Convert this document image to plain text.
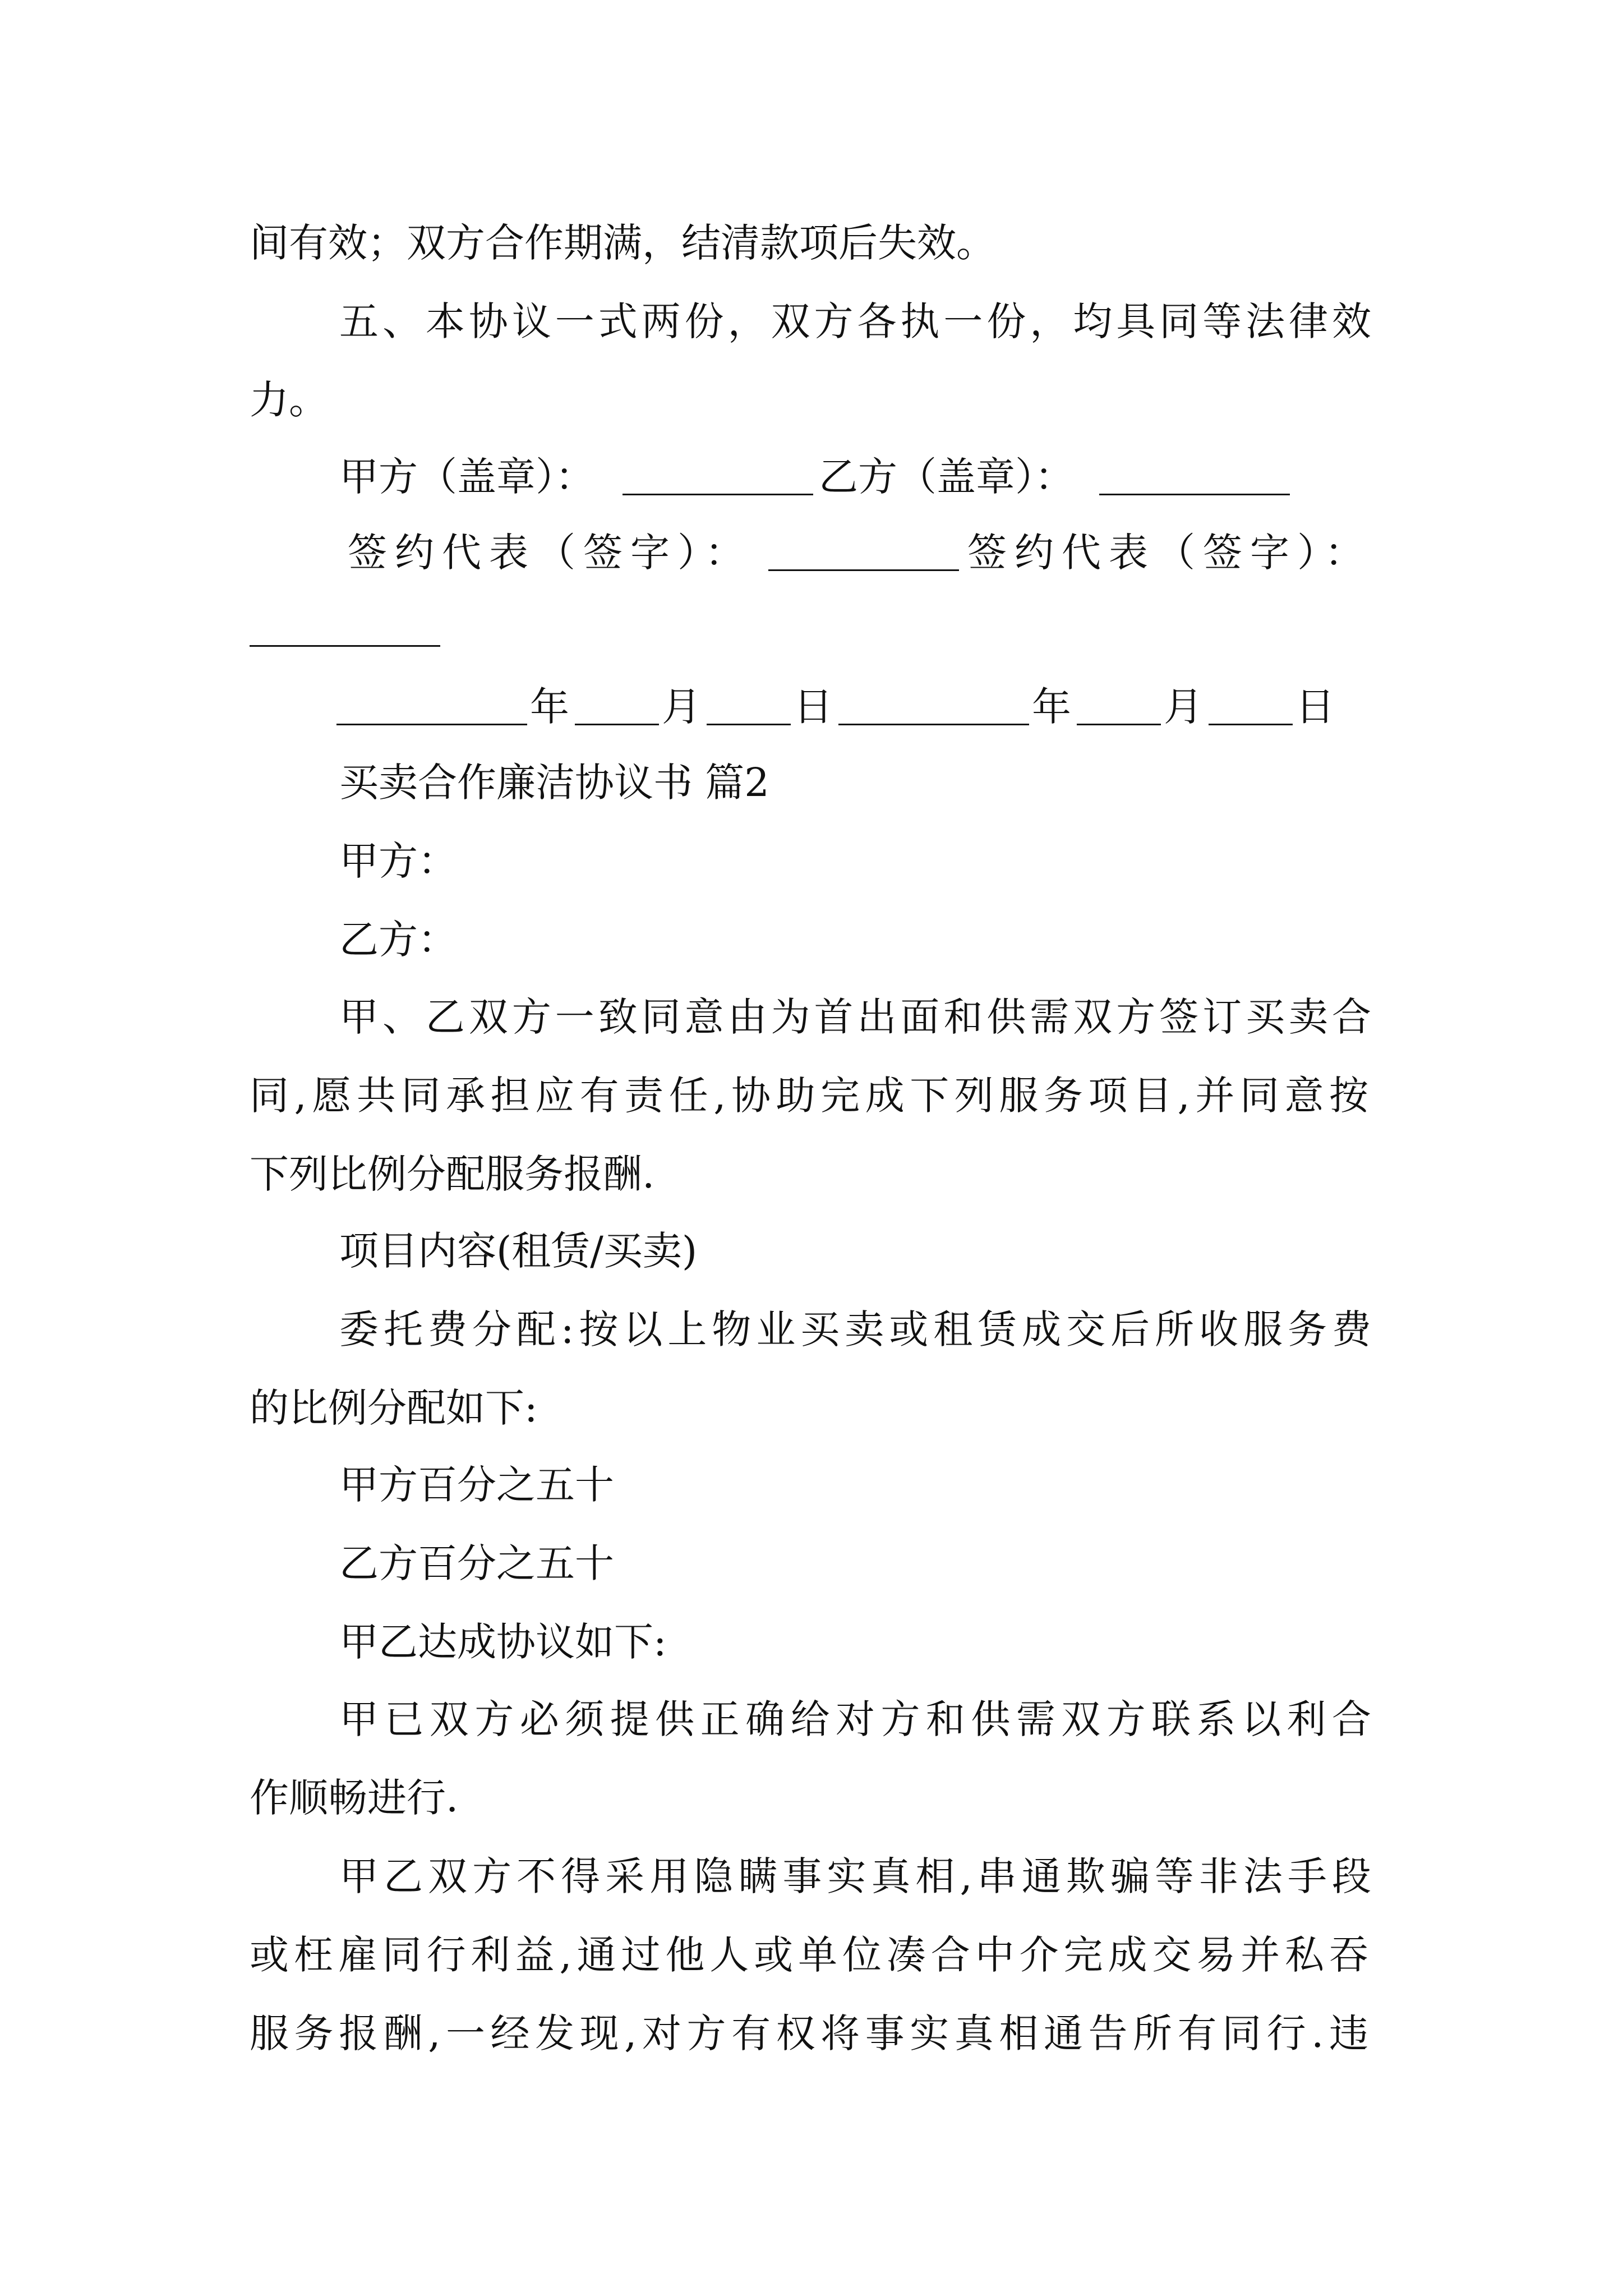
间有效；双方合作期满，结清款项后失效。
五、本协议一式两份，双方各执一份，均具同等法律效
力。
甲方（盖章）：	乙方（盖章）：
签约代表（签字）：	签约代表（签字）：
年 月 日	年 月 日
买卖合作廉洁协议书 篇2
甲方：
乙方：
甲、乙双方一致同意由为首出面和供需双方签订买卖合
同,愿共同承担应有责任,协助完成下列服务项目,并同意按
下列比例分配服务报酬.
项目内容(租赁/买卖)
委托费分配:按以上物业买卖或租赁成交后所收服务费
的比例分配如下:
甲方百分之五十
乙方百分之五十
甲乙达成协议如下:
甲已双方必须提供正确给对方和供需双方联系以利合
作顺畅进行.
甲乙双方不得采用隐瞒事实真相,串通欺骗等非法手段
或枉雇同行利益,通过他人或单位凑合中介完成交易并私吞
服务报酬,一经发现,对方有权将事实真相通告所有同行.违
